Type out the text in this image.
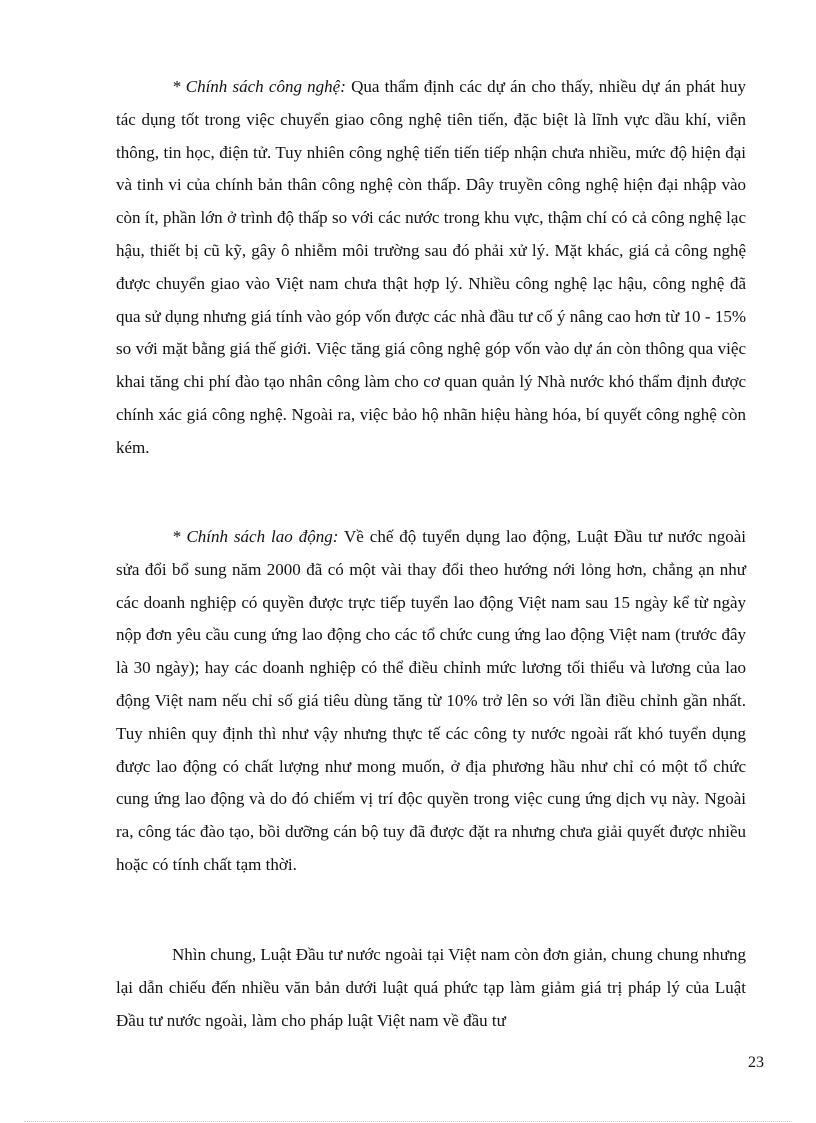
* Chính sách công nghệ: Qua thẩm định các dự án cho thấy, nhiều dự án phát huy tác dụng tốt trong việc chuyển giao công nghệ tiên tiến, đặc biệt là lĩnh vực dầu khí, viễn thông, tin học, điện tử. Tuy nhiên công nghệ tiến tiến tiếp nhận chưa nhiều, mức độ hiện đại và tinh vi của chính bản thân công nghệ còn thấp. Dây truyền công nghệ hiện đại nhập vào còn ít, phần lớn ở trình độ thấp so với các nước trong khu vực, thậm chí có cả công nghệ lạc hậu, thiết bị cũ kỹ, gây ô nhiễm môi trường sau đó phải xử lý. Mặt khác, giá cả công nghệ được chuyển giao vào Việt nam chưa thật hợp lý. Nhiều công nghệ lạc hậu, công nghệ đã qua sử dụng nhưng giá tính vào góp vốn được các nhà đầu tư cố ý nâng cao hơn từ 10 - 15% so với mặt bằng giá thế giới. Việc tăng giá công nghệ góp vốn vào dự án còn thông qua việc khai tăng chi phí đào tạo nhân công làm cho cơ quan quản lý Nhà nước khó thẩm định được chính xác giá công nghệ. Ngoài ra, việc bảo hộ nhãn hiệu hàng hóa, bí quyết công nghệ còn kém.

* Chính sách lao động: Về chế độ tuyển dụng lao động, Luật Đầu tư nước ngoài sửa đổi bổ sung năm 2000 đã có một vài thay đổi theo hướng nới lỏng hơn, chẳng ạn như các doanh nghiệp có quyền được trực tiếp tuyển lao động Việt nam sau 15 ngày kể từ ngày nộp đơn yêu cầu cung ứng lao động cho các tổ chức cung ứng lao động Việt nam (trước đây là 30 ngày); hay các doanh nghiệp có thể điều chỉnh mức lương tối thiểu và lương của lao động Việt nam nếu chỉ số giá tiêu dùng tăng từ 10% trở lên so với lần điều chỉnh gần nhất. Tuy nhiên quy định thì như vậy nhưng thực tế các công ty nước ngoài rất khó tuyển dụng được lao động có chất lượng như mong muốn, ở địa phương hầu như chỉ có một tổ chức cung ứng lao động và do đó chiếm vị trí độc quyền trong việc cung ứng dịch vụ này. Ngoài ra, công tác đào tạo, bồi dưỡng cán bộ tuy đã được đặt ra nhưng chưa giải quyết được nhiều hoặc có tính chất tạm thời.

Nhìn chung, Luật Đầu tư nước ngoài tại Việt nam còn đơn giản, chung chung nhưng lại dẫn chiếu đến nhiều văn bản dưới luật quá phức tạp làm giảm giá trị pháp lý của Luật Đầu tư nước ngoài, làm cho pháp luật Việt nam về đầu tư

23
